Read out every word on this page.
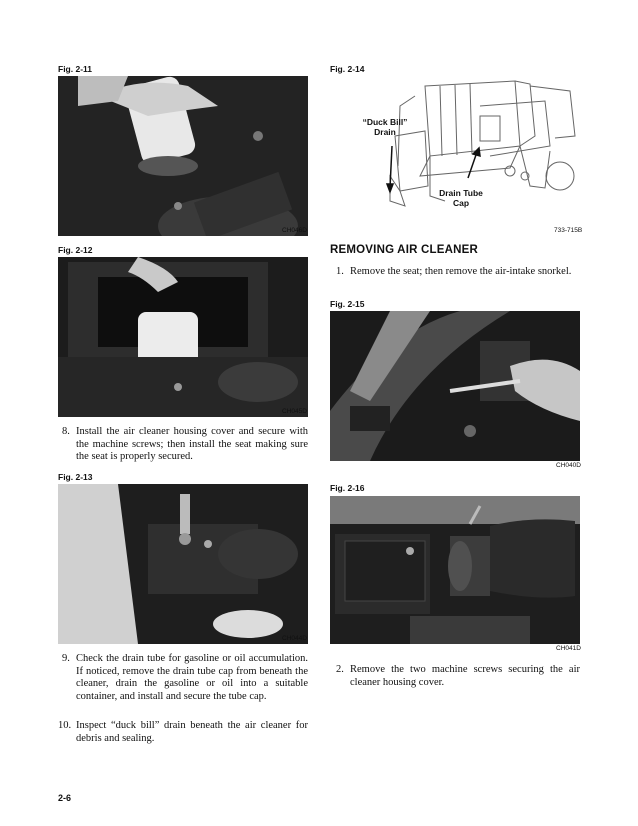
Fig. 2-11
CH046D
Fig. 2-12
CH045D
8. Install the air cleaner housing cover and secure with the machine screws; then install the seat making sure the seat is properly secured.
Fig. 2-13
CH044D
9. Check the drain tube for gasoline or oil accumulation. If noticed, remove the drain tube cap from beneath the cleaner, drain the gasoline or oil into a suitable container, and install and secure the tube cap.
10. Inspect “duck bill” drain beneath the air cleaner for debris and sealing.
2-6
Fig. 2-14
“Duck Bill”
Drain
Drain Tube
Cap
733-715B
REMOVING AIR CLEANER
1. Remove the seat; then remove the air-intake snorkel.
Fig. 2-15
CH040D
Fig. 2-16
CH041D
2. Remove the two machine screws securing the air cleaner housing cover.
